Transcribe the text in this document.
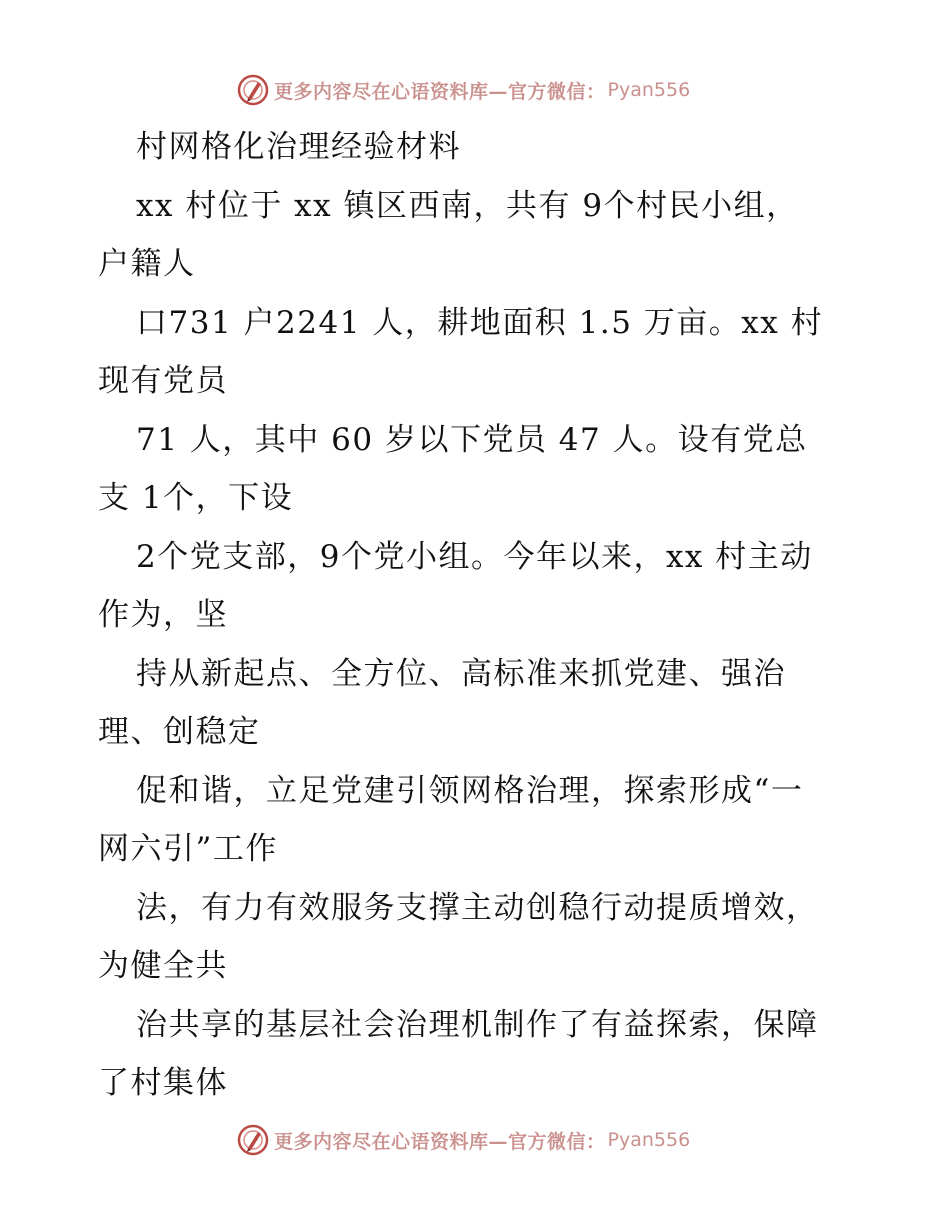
更多内容尽在心语资料库—官方微信： Pyan556
村网格化治理经验材料
xx 村位于 xx 镇区西南，共有 9个村民小组，
户籍人
口731 户2241 人，耕地面积 1.5 万亩。xx 村
现有党员
71 人，其中 60 岁以下党员 47 人。设有党总
支 1个，下设
2个党支部，9个党小组。今年以来，xx 村主动
作为，坚
持从新起点、全方位、高标准来抓党建、强治
理、创稳定
促和谐，立足党建引领网格治理，探索形成“一
网六引”工作
法，有力有效服务支撑主动创稳行动提质增效，
为健全共
治共享的基层社会治理机制作了有益探索，保障
了村集体
更多内容尽在心语资料库—官方微信： Pyan556
